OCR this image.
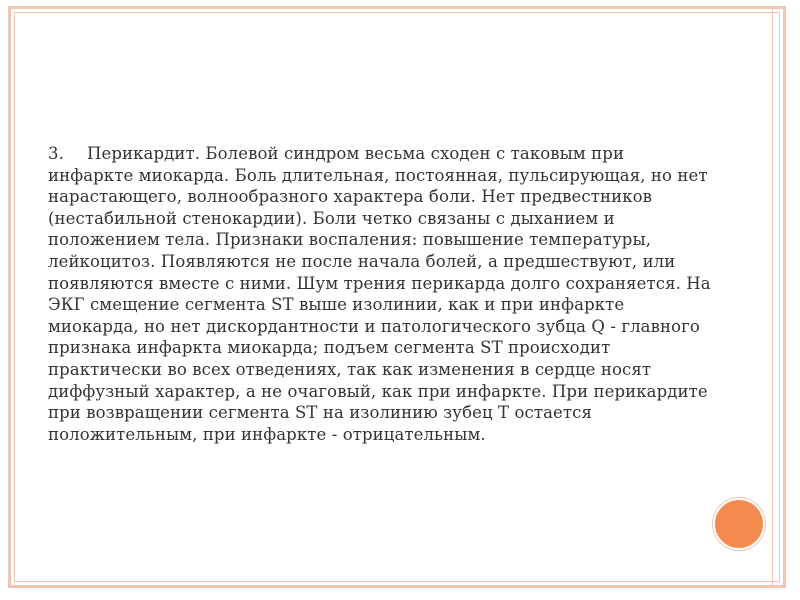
3. Перикардит. Болевой синдром весьма сходен с таковым при инфаркте миокарда. Боль длительная, постоянная, пульсирующая, но нет нарастающего, волнообразного характера боли. Нет предвестников (нестабильной стенокардии). Боли четко связаны с дыханием и положением тела. Признаки воспаления: повышение температуры, лейкоцитоз. Появляются не после начала болей, а предшествуют, или появляются вместе с ними. Шум трения перикарда долго сохраняется. На ЭКГ смещение сегмента ST выше изолинии, как и при инфаркте миокарда, но нет дискордантности и патологического зубца Q - главного признака инфаркта миокарда; подъем сегмента ST происходит практически во всех отведениях, так как изменения в сердце носят диффузный характер, а не очаговый, как при инфаркте. При перикардите при возвращении сегмента ST на изолинию зубец Т остается положительным, при инфаркте - отрицательным.
